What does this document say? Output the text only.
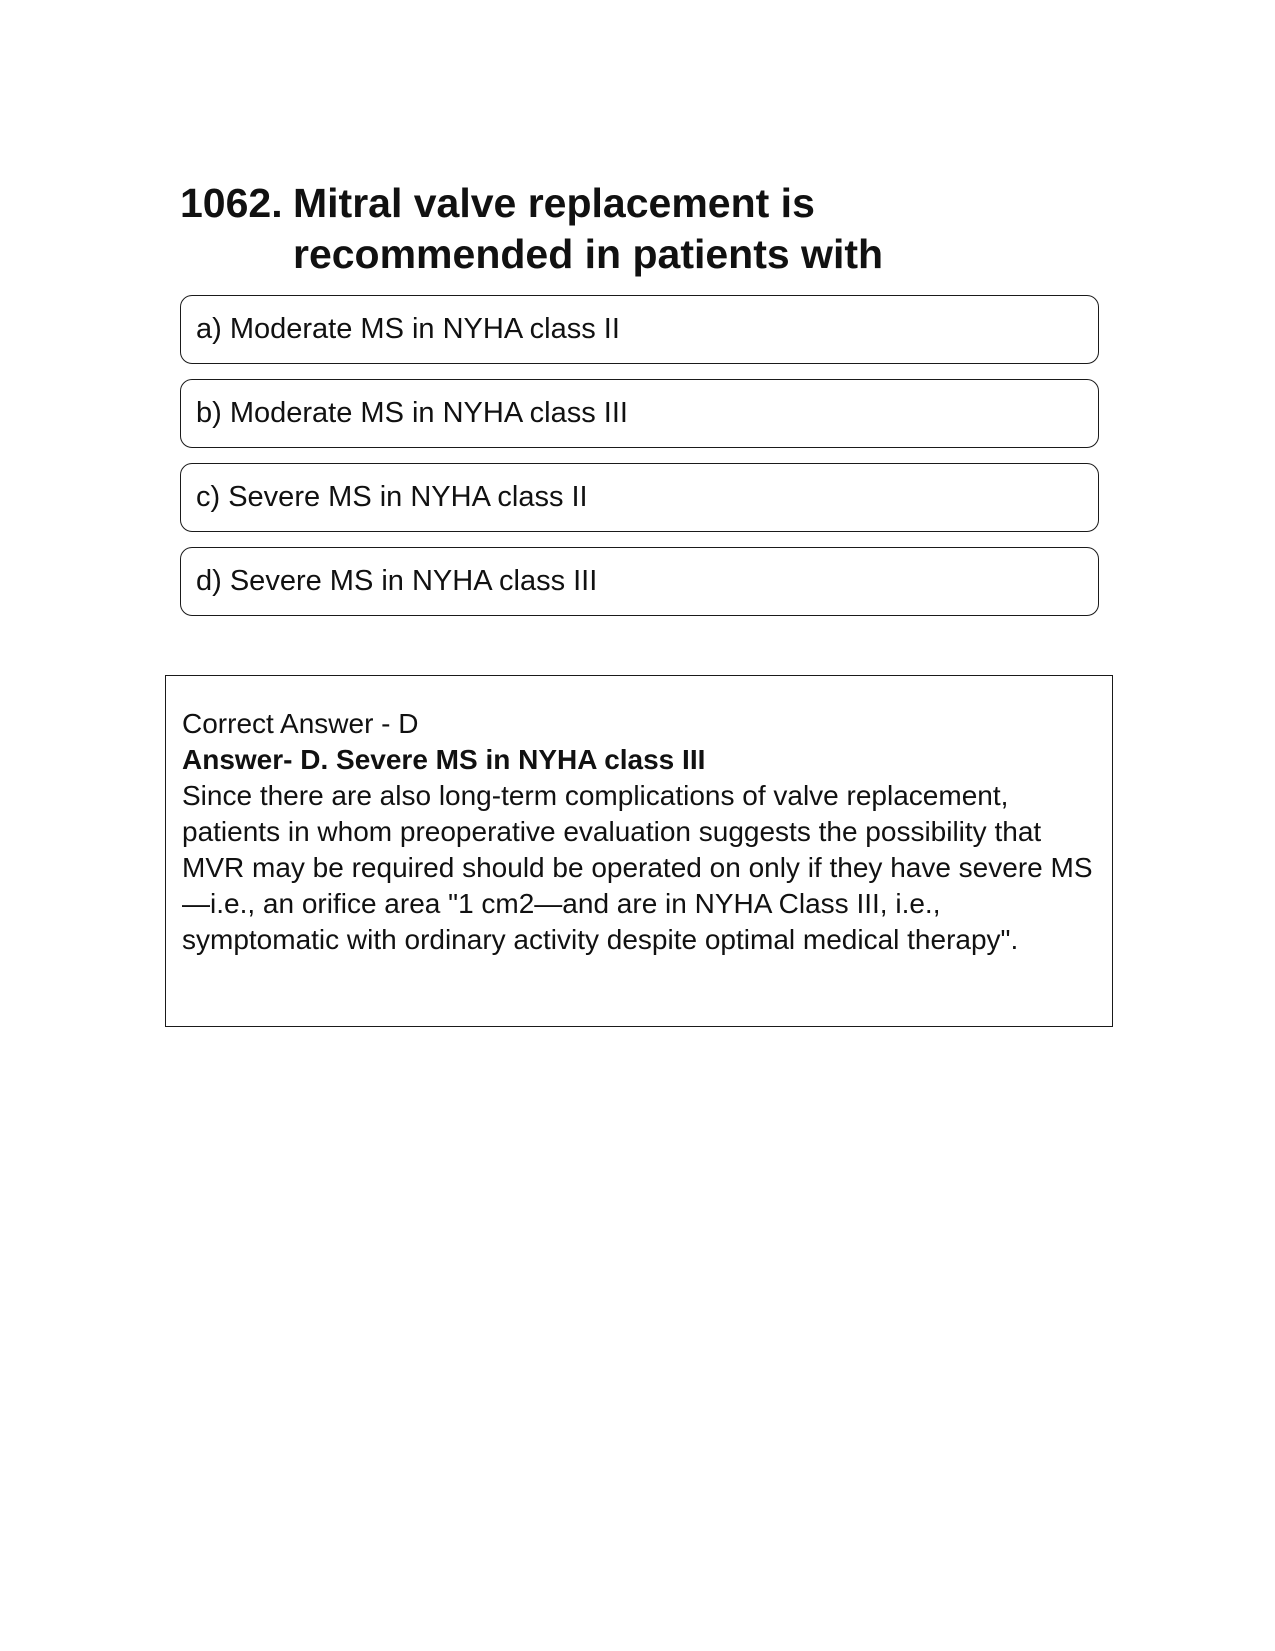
1062. Mitral valve replacement is recommended in patients with
a) Moderate MS in NYHA class II
b) Moderate MS in NYHA class III
c) Severe MS in NYHA class II
d) Severe MS in NYHA class III
Correct Answer - D
Answer- D. Severe MS in NYHA class III
Since there are also long-term complications of valve replacement, patients in whom preoperative evaluation suggests the possibility that MVR may be required should be operated on only if they have severe MS—i.e., an orifice area "1 cm2—and are in NYHA Class III, i.e., symptomatic with ordinary activity despite optimal medical therapy".
